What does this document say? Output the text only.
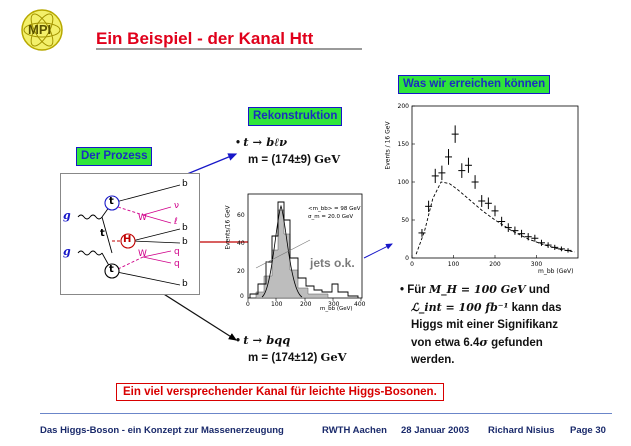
MPI	Ein Beispiel - der Kanal Htt
Der Prozess
Rekonstruktion
Was wir erreichen können
g
g
t
t
t
H
W
W
b
ν
ℓ
b
b
q
q
b
• t → bℓν
m = (174±9) GeV
• t → bqq
m = (174±12) GeV
Events/16 GeV
0
20
40
60
0	100	200	300 400
m_bb (GeV)
<m_bb> = 98 GeV
σ_m = 20.0 GeV
jets o.k.	0
50
100
150
200
0	100	200	300
Events / 16 GeV
m_bb (GeV)
• Für M_H = 100 GeV und
ℒ_int = 100 fb⁻¹ kann das
Higgs mit einer Signifikanz
von etwa 6.4σ gefunden
werden.
Ein viel versprechender Kanal für leichte Higgs-Bosonen.
Das Higgs-Boson - ein Konzept zur Massenerzeugung	RWTH Aachen 28 Januar 2003 Richard Nisius Page 30
